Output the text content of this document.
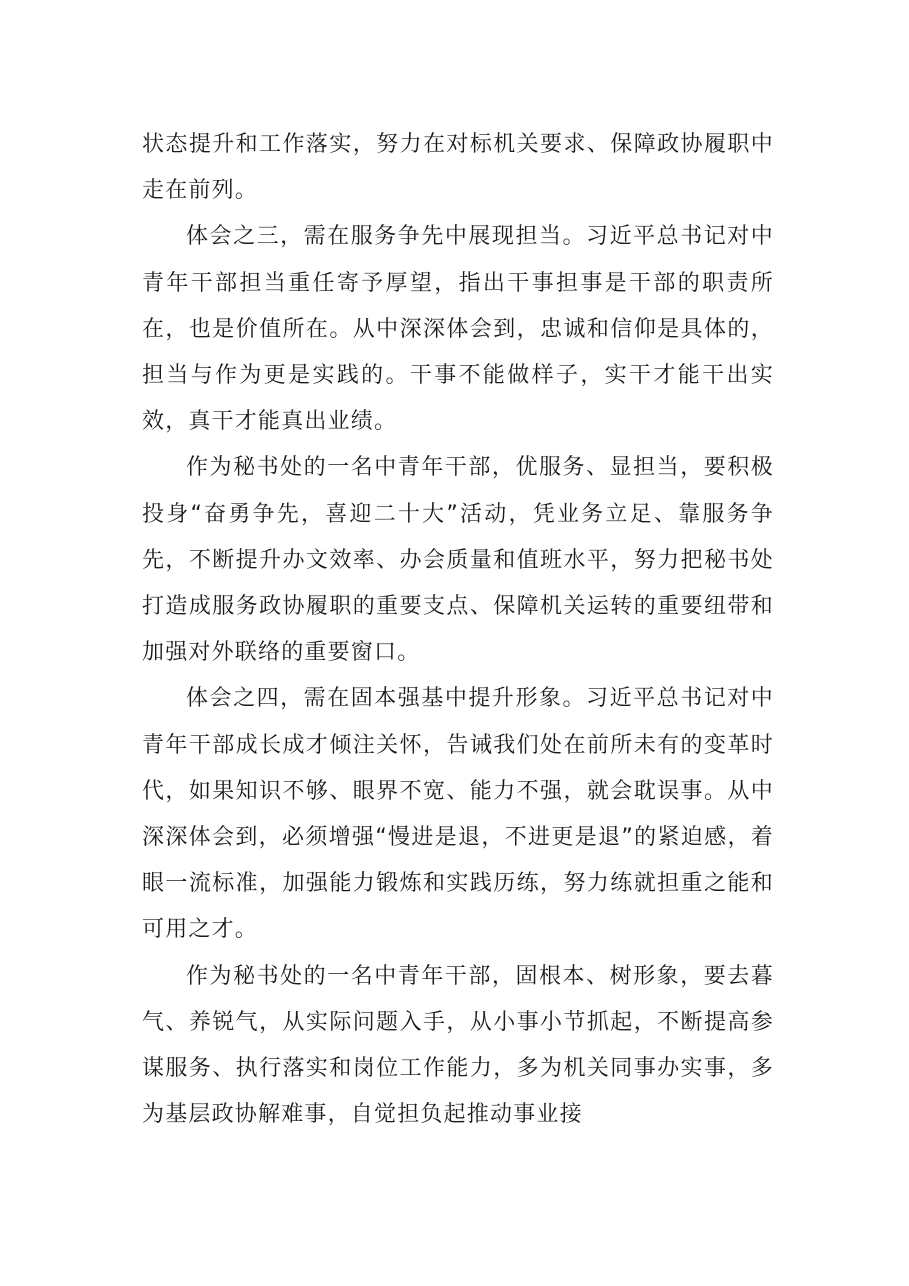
状态提升和工作落实，努力在对标机关要求、保障政协履职中走在前列。

体会之三，需在服务争先中展现担当。习近平总书记对中青年干部担当重任寄予厚望，指出干事担事是干部的职责所在，也是价值所在。从中深深体会到，忠诚和信仰是具体的，担当与作为更是实践的。干事不能做样子，实干才能干出实效，真干才能真出业绩。

作为秘书处的一名中青年干部，优服务、显担当，要积极投身“奋勇争先，喜迎二十大”活动，凭业务立足、靠服务争先，不断提升办文效率、办会质量和值班水平，努力把秘书处打造成服务政协履职的重要支点、保障机关运转的重要纽带和加强对外联络的重要窗口。

体会之四，需在固本强基中提升形象。习近平总书记对中青年干部成长成才倾注关怀，告诫我们处在前所未有的变革时代，如果知识不够、眼界不宽、能力不强，就会耽误事。从中深深体会到，必须增强“慢进是退，不进更是退”的紧迫感，着眼一流标准，加强能力锻炼和实践历练，努力练就担重之能和可用之才。

作为秘书处的一名中青年干部，固根本、树形象，要去暮气、养锐气，从实际问题入手，从小事小节抓起，不断提高参谋服务、执行落实和岗位工作能力，多为机关同事办实事，多为基层政协解难事，自觉担负起推动事业接
